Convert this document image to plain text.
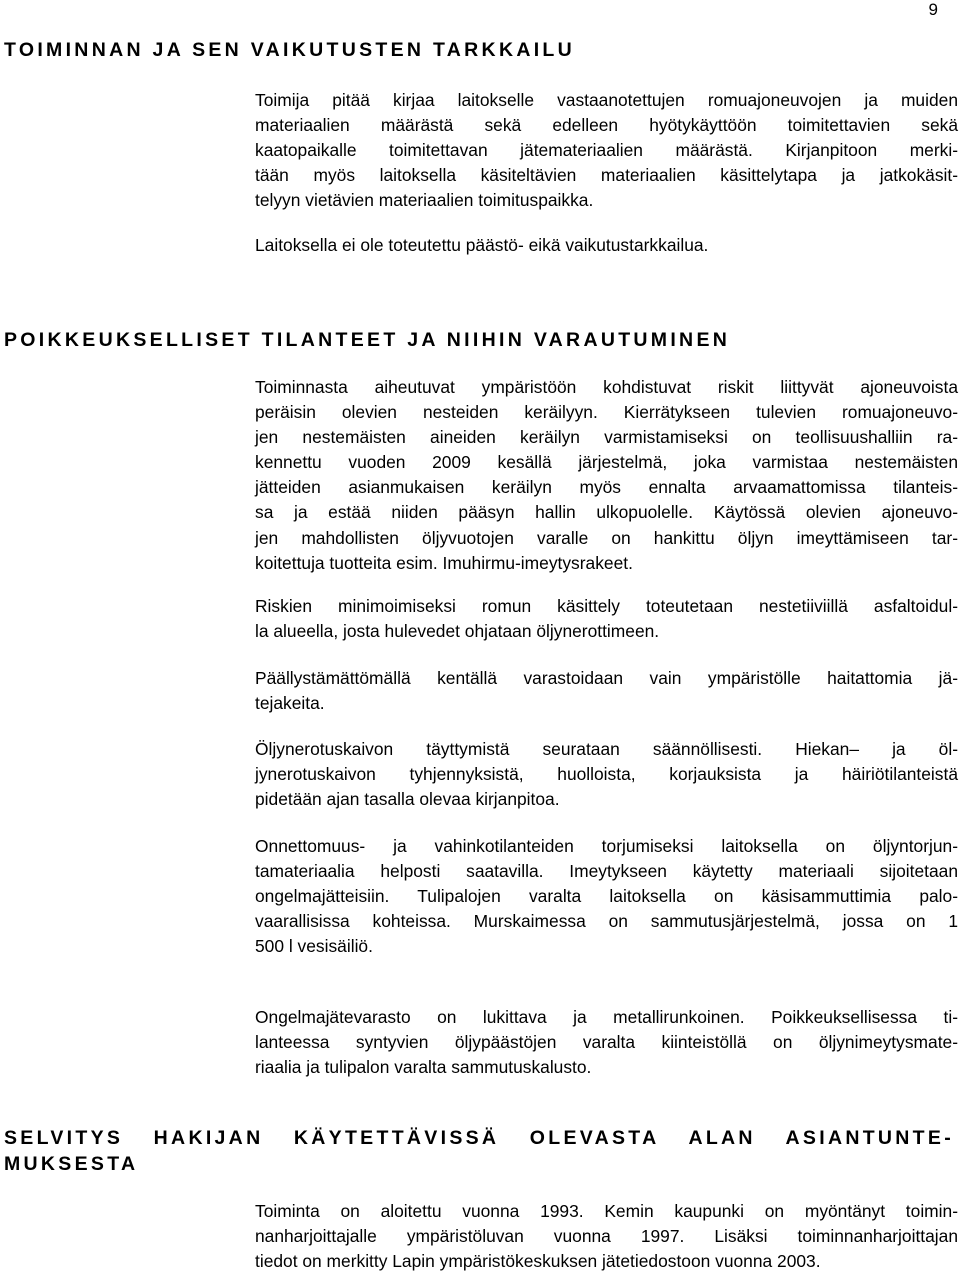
9
TOIMINNAN JA SEN VAIKUTUSTEN TARKKAILU
Toimija pitää kirjaa laitokselle vastaanotettujen romuajoneuvojen ja muiden
materiaalien määrästä sekä edelleen hyötykäyttöön toimitettavien sekä
kaatopaikalle toimitettavan jätemateriaalien määrästä. Kirjanpitoon merki-
tään myös laitoksella käsiteltävien materiaalien käsittelytapa ja jatkokäsit-
telyyn vietävien materiaalien toimituspaikka.
Laitoksella ei ole toteutettu päästö- eikä vaikutustarkkailua.
POIKKEUKSELLISET TILANTEET JA NIIHIN VARAUTUMINEN
Toiminnasta aiheutuvat ympäristöön kohdistuvat riskit liittyvät ajoneuvoista
peräisin olevien nesteiden keräilyyn. Kierrätykseen tulevien romuajoneuvo-
jen nestemäisten aineiden keräilyn varmistamiseksi on teollisuushalliin ra-
kennettu vuoden 2009 kesällä järjestelmä, joka varmistaa nestemäisten
jätteiden asianmukaisen keräilyn myös ennalta arvaamattomissa tilanteis-
sa ja estää niiden pääsyn hallin ulkopuolelle. Käytössä olevien ajoneuvo-
jen mahdollisten öljyvuotojen varalle on hankittu öljyn imeyttämiseen tar-
koitettuja tuotteita esim. Imuhirmu-imeytysrakeet.
Riskien minimoimiseksi romun käsittely toteutetaan nestetiiviillä asfaltoidul-
la alueella, josta hulevedet ohjataan öljynerottimeen.
Päällystämättömällä kentällä varastoidaan vain ympäristölle haitattomia jä-
tejakeita.
Öljynerotuskaivon täyttymistä seurataan säännöllisesti. Hiekan– ja öl-
jynerotuskaivon tyhjennyksistä, huolloista, korjauksista ja häiriötilanteistä
pidetään ajan tasalla olevaa kirjanpitoa.
Onnettomuus- ja vahinkotilanteiden torjumiseksi laitoksella on öljyntorjun-
tamateriaalia helposti saatavilla. Imeytykseen käytetty materiaali sijoitetaan
ongelmajätteisiin. Tulipalojen varalta laitoksella on käsisammuttimia palo-
vaarallisissa kohteissa. Murskaimessa on sammutusjärjestelmä, jossa on 1
500 l vesisäiliö.
Ongelmajätevarasto on lukittava ja metallirunkoinen. Poikkeuksellisessa ti-
lanteessa syntyvien öljypäästöjen varalta kiinteistöllä on öljynimeytysmate-
riaalia ja tulipalon varalta sammutuskalusto.
SELVITYS HAKIJAN KÄYTETTÄVISSÄ OLEVASTA ALAN ASIANTUNTE-
MUKSESTA
Toiminta on aloitettu vuonna 1993. Kemin kaupunki on myöntänyt toimin-
nanharjoittajalle ympäristöluvan vuonna 1997. Lisäksi toiminnanharjoittajan
tiedot on merkitty Lapin ympäristökeskuksen jätetiedostoon vuonna 2003.
